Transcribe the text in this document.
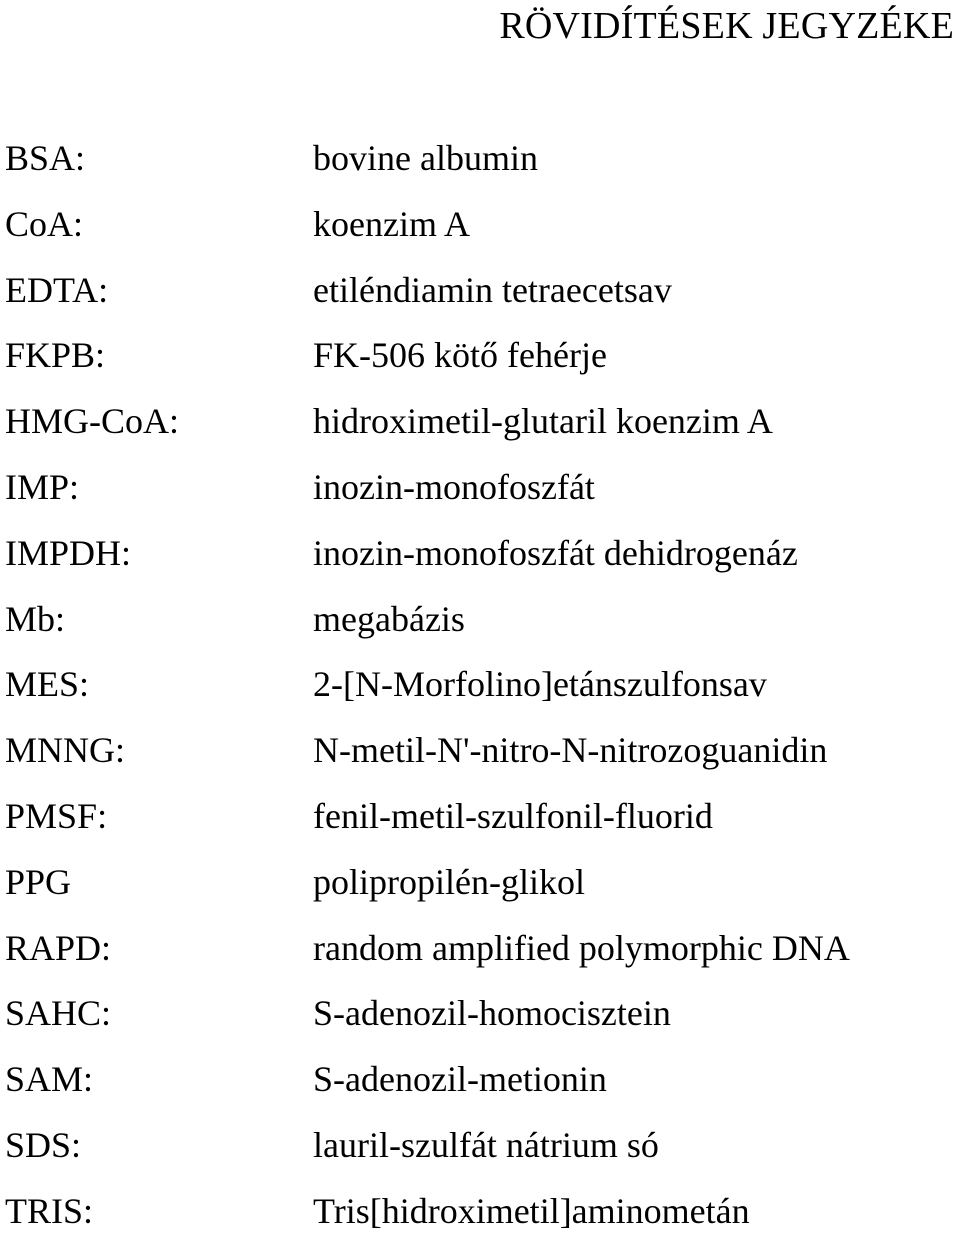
RÖVIDÍTÉSEK JEGYZÉKE
BSA:	bovine albumin
CoA:	koenzim A
EDTA:	etiléndiamin tetraecetsav
FKPB:	FK-506 kötő fehérje
HMG-CoA:	hidroximetil-glutaril koenzim A
IMP:	inozin-monofoszfát
IMPDH:	inozin-monofoszfát dehidrogenáz
Mb:	megabázis
MES:	2-[N-Morfolino]etánszulfonsav
MNNG:	N-metil-N'-nitro-N-nitrozoguanidin
PMSF:	fenil-metil-szulfonil-fluorid
PPG	polipropilén-glikol
RAPD:	random amplified polymorphic DNA
SAHC:	S-adenozil-homocisztein
SAM:	S-adenozil-metionin
SDS:	lauril-szulfát nátrium só
TRIS:	Tris[hidroximetil]aminometán
